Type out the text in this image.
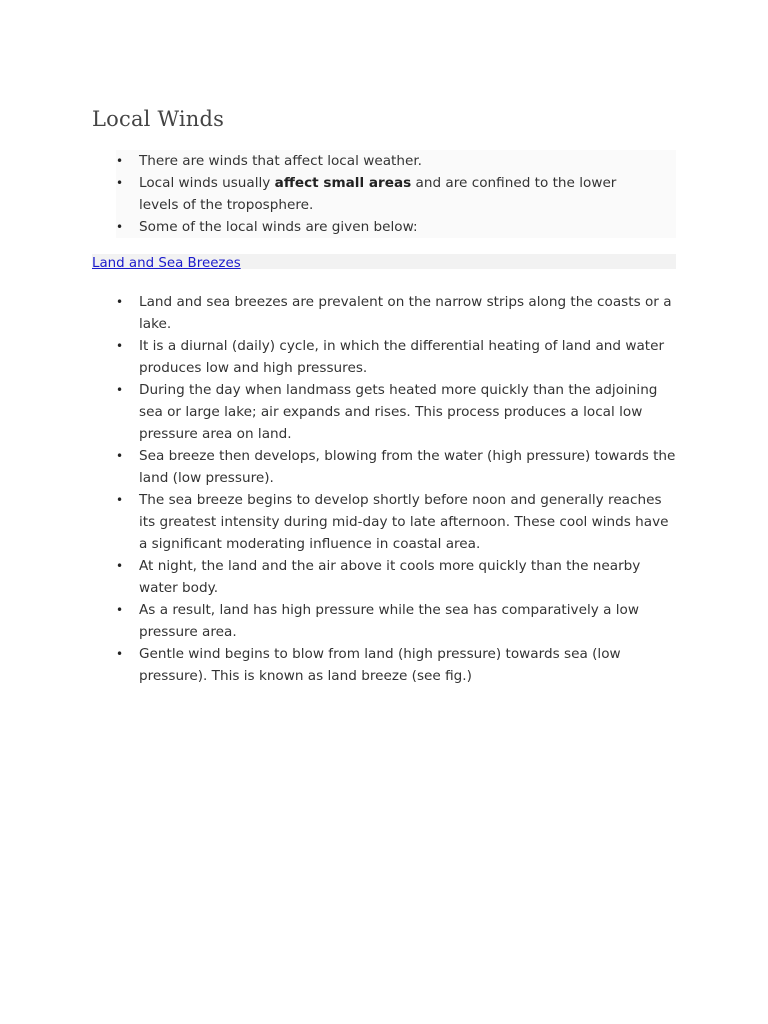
Local Winds
•	There are winds that affect local weather.
•	Local winds usually affect small areas and are confined to the lower levels of the troposphere.
•	Some of the local winds are given below:
Land and Sea Breezes
•	Land and sea breezes are prevalent on the narrow strips along the coasts or a lake.
•	It is a diurnal (daily) cycle, in which the differential heating of land and water produces low and high pressures.
•	During the day when landmass gets heated more quickly than the adjoining sea or large lake; air expands and rises. This process produces a local low pressure area on land.
•	Sea breeze then develops, blowing from the water (high pressure) towards the land (low pressure).
•	The sea breeze begins to develop shortly before noon and generally reaches its greatest intensity during mid-day to late afternoon. These cool winds have a significant moderating influence in coastal area.
•	At night, the land and the air above it cools more quickly than the nearby water body.
•	As a result, land has high pressure while the sea has comparatively a low pressure area.
•	Gentle wind begins to blow from land (high pressure) towards sea (low pressure). This is known as land breeze (see fig.)
